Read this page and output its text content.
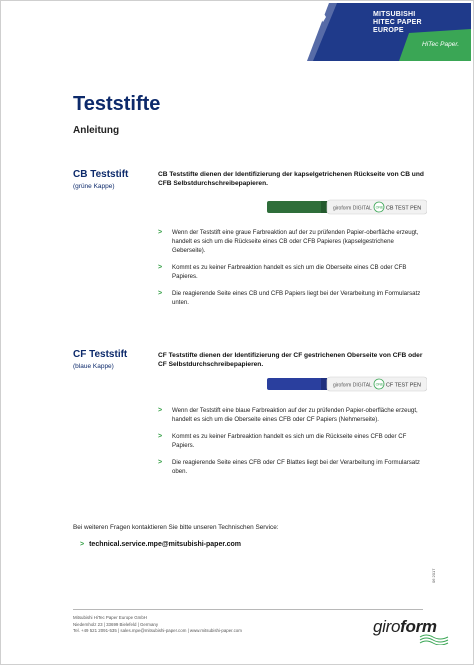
MITSUBISHI
HITEC PAPER
EUROPE
HiTec Paper.
Teststifte
Anleitung
CB Teststift
(grüne Kappe)
CB Teststifte dienen der Identifizierung der kapselgetrichenen Rückseite von CB und CFB Selbstdurchschreibepapieren.
giroform DIGITAL ONE CB TEST PEN
> Wenn der Teststift eine graue Farbreaktion auf der zu prüfenden Papier-oberfläche erzeugt, handelt es sich um die Rückseite eines CB oder CFB Papieres (kapselgestrichene Geberseite).
> Kommt es zu keiner Farbreaktion handelt es sich um die Oberseite eines CB oder CFB Papieres.
> Die reagierende Seite eines CB und CFB Papiers liegt bei der Verarbeitung im Formularsatz unten.
CF Teststift
(blaue Kappe)
CF Teststifte dienen der Identifizierung der CF gestrichenen Oberseite von CFB oder CF Selbstdurchschreibepapieren.
giroform DIGITAL ONE CF TEST PEN
> Wenn der Teststift eine blaue Farbreaktion auf der zu prüfenden Papier-oberfläche erzeugt, handelt es sich um die Oberseite eines CFB oder CF Papiers (Nehmerseite).
> Kommt es zu keiner Farbreaktion handelt es sich um die Rückseite eines CFB oder CF Papiers.
> Die reagierende Seite eines CFB oder CF Blattes liegt bei der Verarbeitung im Formularsatz oben.
Bei weiteren Fragen kontaktieren Sie bitte unseren Technischen Service:
> technical.service.mpe@mitsubishi-paper.com
06 2017
Mitsubishi HiTec Paper Europe GmbH
Niedernholz 23 | 33699 Bielefeld | Germany
Tel. +49 521 2091-535 | sales.mpe@mitsubishi-paper.com | www.mitsubishi-paper.com	giroform
